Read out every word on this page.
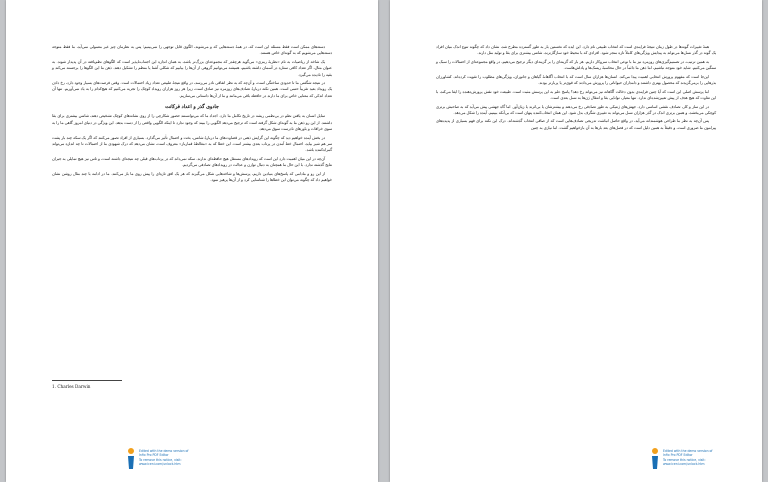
دسته‌های ممکن است فقط مسئله این است که، در همهٔ دسته‌هایی که و می‌شوند، الگوی قابل توجهی را نمی‌بینیم؛ پس به نظرمان چیز غیر معمولی نمی‌آید، ما فقط متوجه دسته‌هایی می‌شویم که به گونه‌ای خاص هستند.

یک شاخه از ریاضیات به نام «نظریهٔ رمزی» می‌گوید هرچقدر که مجموعه‌ای بزرگ‌تر باشد، به همان اندازه این اجتناب‌ناپذیر است که الگوهای نظم‌یافته در آن پدیدار شوند. به عنوان مثال، اگر تعداد کافی ستاره در آسمان داشته باشیم، همیشه می‌توانیم گروهی از آن‌ها را بیابیم که شکلی آشنا یا منظم را تشکیل دهند. ذهن ما این الگوها را برجسته می‌کند و بقیه را نادیده می‌گیرد.

در نتیجه شگفتی ما تا حدودی ساختگی است، و آن‌چه که به نظر اتفاقی نادر می‌رسد، در واقع نتیجهٔ طبیعی تعداد زیاد احتمالات است. وقتی فرصت‌های بسیار وجود دارد، رخ دادن یک رویداد بعید تقریباً حتمی است. همین نکته دربارهٔ تصادف‌های روزمره نیز صادق است، زیرا هر روز هزاران رویداد کوچک را تجربه می‌کنیم که هیچ‌کدام را به یاد نمی‌آوریم. تنها آن تعداد اندکی که معنایی خاص برای ما دارند در حافظه باقی می‌مانند و ما از آن‌ها داستانی می‌سازیم.

جادوی گذر و اعداد فرکانت

تمایل انسان به یافتن نظم در بی‌نظمی ریشه در تاریخ تکامل ما دارد. اجداد ما که می‌توانستند حضور شکارچی را از روی نشانه‌های کوچک تشخیص دهند، شانس بیشتری برای بقا داشتند. از این رو ذهن ما به گونه‌ای شکل گرفته است که ترجیح می‌دهد الگویی را ببیند که وجود ندارد تا اینکه الگویی واقعی را از دست بدهد. این ویژگی در دنیای امروز گاهی ما را به سوی خرافات و باورهای نادرست سوق می‌دهد.

در بخش آینده خواهیم دید که چگونه این گرایش ذهنی در قضاوت‌های ما دربارهٔ شانس، بخت و احتمال تأثیر می‌گذارد. بسیاری از افراد تصور می‌کنند که اگر یک سکه چند بار پشت سر هم شیر بیاید، احتمال خط آمدن در پرتاب بعدی بیشتر است. این خطا که به «مغالطهٔ قمارباز» معروف است، نشان می‌دهد که درک شهودی ما از احتمالات تا چه اندازه می‌تواند گمراه‌کننده باشد.

آن‌چه در این میان اهمیت دارد این است که رویدادهای مستقل هیچ حافظه‌ای ندارند. سکه نمی‌داند که در پرتاب‌های قبلی چه نتیجه‌ای داشته است، و تاس نیز هیچ تمایلی به جبران نتایج گذشته ندارد. با این حال ما همچنان به دنبال توازن و عدالت در رویدادهای تصادفی می‌گردیم.

از این رو و مادامی که پاسخ‌های بنیادین داریم، پرسش‌ها و شاخه‌هایی شکل می‌گیرند که هر یک افق تازه‌ای را پیش روی ما باز می‌کنند. ما در ادامه با چند مثال روشن نشان خواهیم داد که چگونه می‌توان این خطاها را شناسایی کرد و از آن‌ها پرهیز نمود.

1. Charles Darwin
Edited with the demo version of
Infix Pro PDF Editor
To remove this notice, visit:
www.iceni.com/unlock.htm

همهٔ تغییرات گونه‌ها در طول زمان نتیجهٔ فرایندی است که انتخاب طبیعی نام دارد. این ایده که نخستین بار به طور گسترده مطرح شد، نشان داد که چگونه تنوع اندک میان افراد یک گونه در گذر نسل‌ها می‌تواند به پیدایش ویژگی‌های کاملاً تازه منجر شود. افرادی که با محیط خود سازگارترند، شانس بیشتری برای بقا و تولید مثل دارند.

به همین ترتیب، در تصمیم‌گیری‌های روزمره نیز ما با نوعی انتخاب سروکار داریم. هر بار که گزینه‌ای را بر گزینه‌ای دیگر ترجیح می‌دهیم، در واقع مجموعه‌ای از احتمالات را سبک و سنگین می‌کنیم. شاید خود متوجه نباشیم، اما ذهن ما دائماً در حال محاسبهٔ ریسک‌ها و پاداش‌هاست.

این‌جا است که مفهوم پرورش انتخابی اهمیت پیدا می‌کند. انسان‌ها هزاران سال است که با انتخاب آگاهانهٔ گیاهان و جانوران، ویژگی‌های مطلوب را تقویت کرده‌اند. کشاورزان بذرهایی را برمی‌گزیدند که محصول بهتری داشتند و دامداران حیواناتی را پرورش می‌دادند که قوی‌تر یا پربارتر بودند.

اما پرسش اصلی این است که آیا چنین فرایندی بدون دخالت آگاهانه نیز می‌تواند رخ دهد؟ پاسخ علم به این پرسش مثبت است. طبیعت خود نقش پرورش‌دهنده را ایفا می‌کند، با این تفاوت که هیچ هدف از پیش تعیین‌شده‌ای ندارد. تنها معیار، توانایی بقا و انتقال ژن‌ها به نسل بعدی است.

در این ساز و کار، تصادف نقشی اساسی دارد. جهش‌های ژنتیکی به طور تصادفی رخ می‌دهند و بیشترشان یا بی‌اثرند یا زیان‌آور. اما گاه جهشی پیش می‌آید که به صاحبش برتری کوچکی می‌بخشد، و همین برتری اندک در گذر هزاران نسل می‌تواند به تغییری شگرف بدل شود. این همان انتخاب‌کننده پنهان است که بی‌آنکه ببینیم، آینده را شکل می‌دهد.

پس آن‌چه به نظر ما طراحی هوشمندانه می‌آید، در واقع حاصل انباشت تدریجی تصادف‌هایی است که از صافی انتخاب گذشته‌اند. درک این نکته برای فهم بسیاری از پدیده‌های پیرامون ما ضروری است، و دقیقاً به همین دلیل است که در فصل‌های بعد بارها به آن بازخواهیم گشت. اما نیازی به چنین

Edited with the demo version of
Infix Pro PDF Editor
To remove this notice, visit:
www.iceni.com/unlock.htm
